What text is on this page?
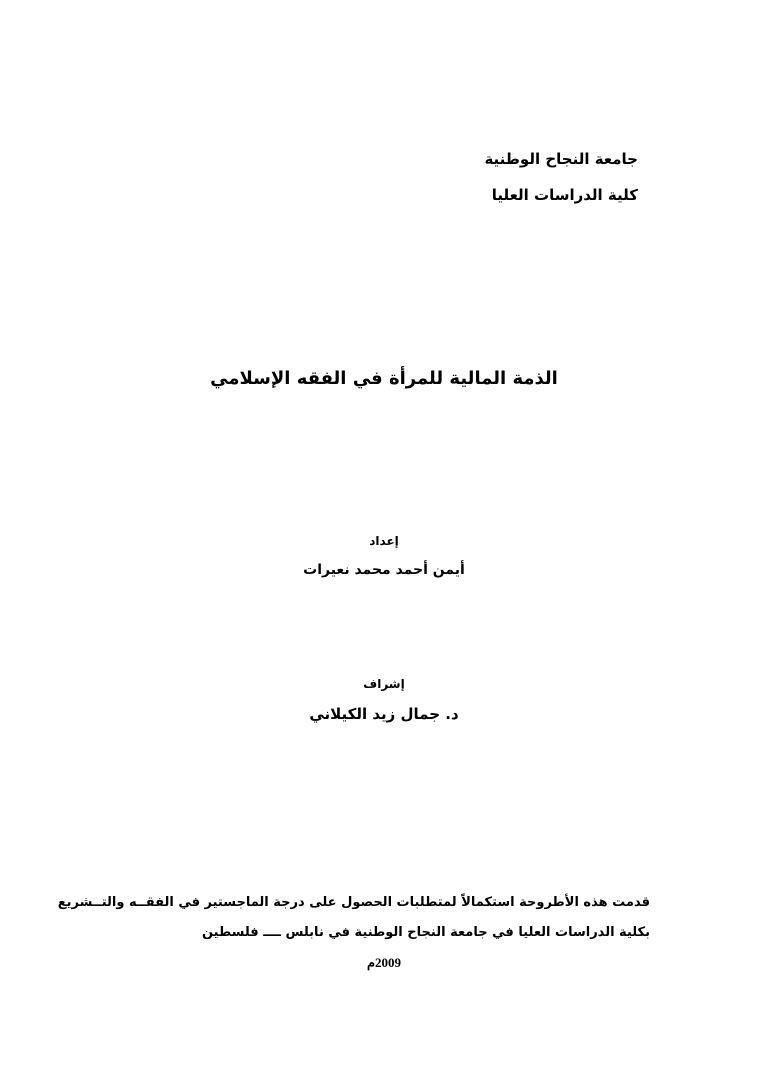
جامعة النجاح الوطنية
كلية الدراسات العليا
الذمة المالية للمرأة في الفقه الإسلامي
إعداد
أيمن أحمد محمد نعيرات
إشراف
د. جمال زيد الكيلاني
قدمت هذه الأطروحة استكمالاً لمتطلبات الحصول على درجة الماجستير في الفقــه والتــشريع
بكلية الدراسات العليا في جامعة النجاح الوطنية في نابلس ــــ فلسطين
2009م
